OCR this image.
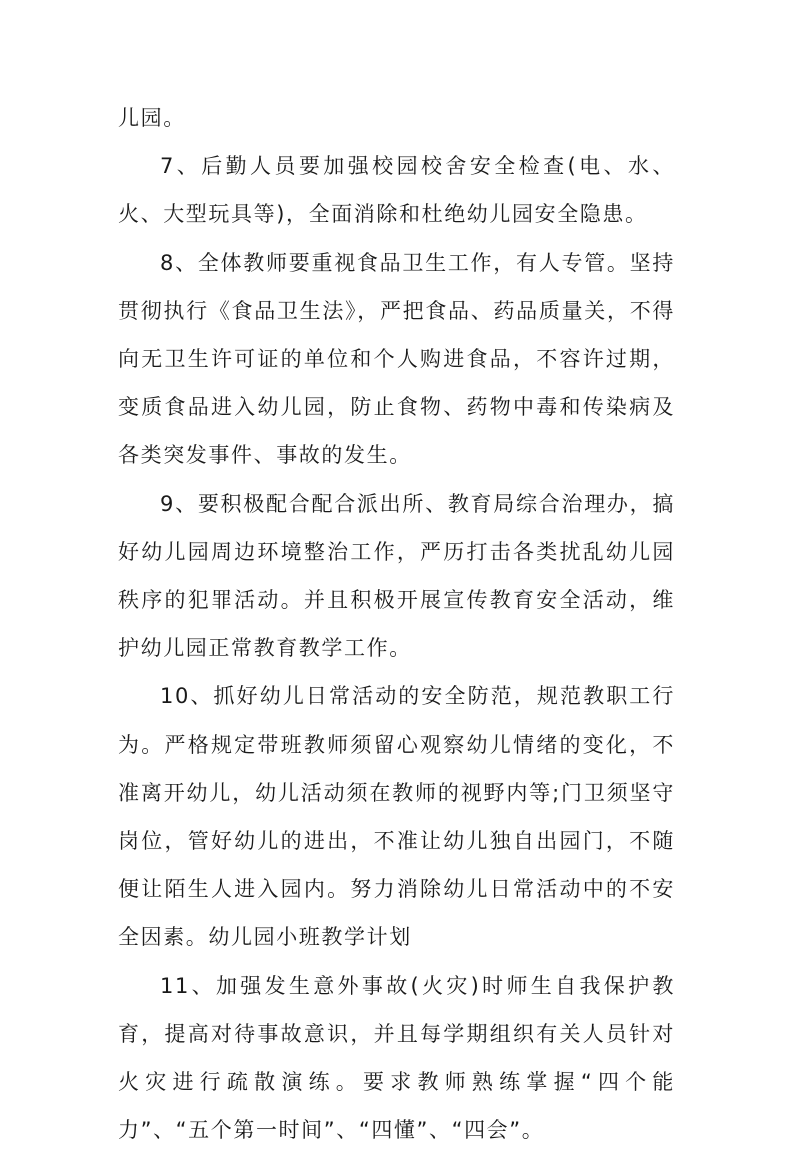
儿园。

7、后勤人员要加强校园校舍安全检查(电、水、火、大型玩具等)，全面消除和杜绝幼儿园安全隐患。

8、全体教师要重视食品卫生工作，有人专管。坚持贯彻执行《食品卫生法》，严把食品、药品质量关，不得向无卫生许可证的单位和个人购进食品，不容许过期，变质食品进入幼儿园，防止食物、药物中毒和传染病及各类突发事件、事故的发生。

9、要积极配合配合派出所、教育局综合治理办，搞好幼儿园周边环境整治工作，严历打击各类扰乱幼儿园秩序的犯罪活动。并且积极开展宣传教育安全活动，维护幼儿园正常教育教学工作。

10、抓好幼儿日常活动的安全防范，规范教职工行为。严格规定带班教师须留心观察幼儿情绪的变化，不准离开幼儿，幼儿活动须在教师的视野内等;门卫须坚守岗位，管好幼儿的进出，不准让幼儿独自出园门，不随便让陌生人进入园内。努力消除幼儿日常活动中的不安全因素。幼儿园小班教学计划

11、加强发生意外事故(火灾)时师生自我保护教育，提高对待事故意识，并且每学期组织有关人员针对火灾进行疏散演练。要求教师熟练掌握“四个能力”、“五个第一时间”、“四懂”、“四会”。
